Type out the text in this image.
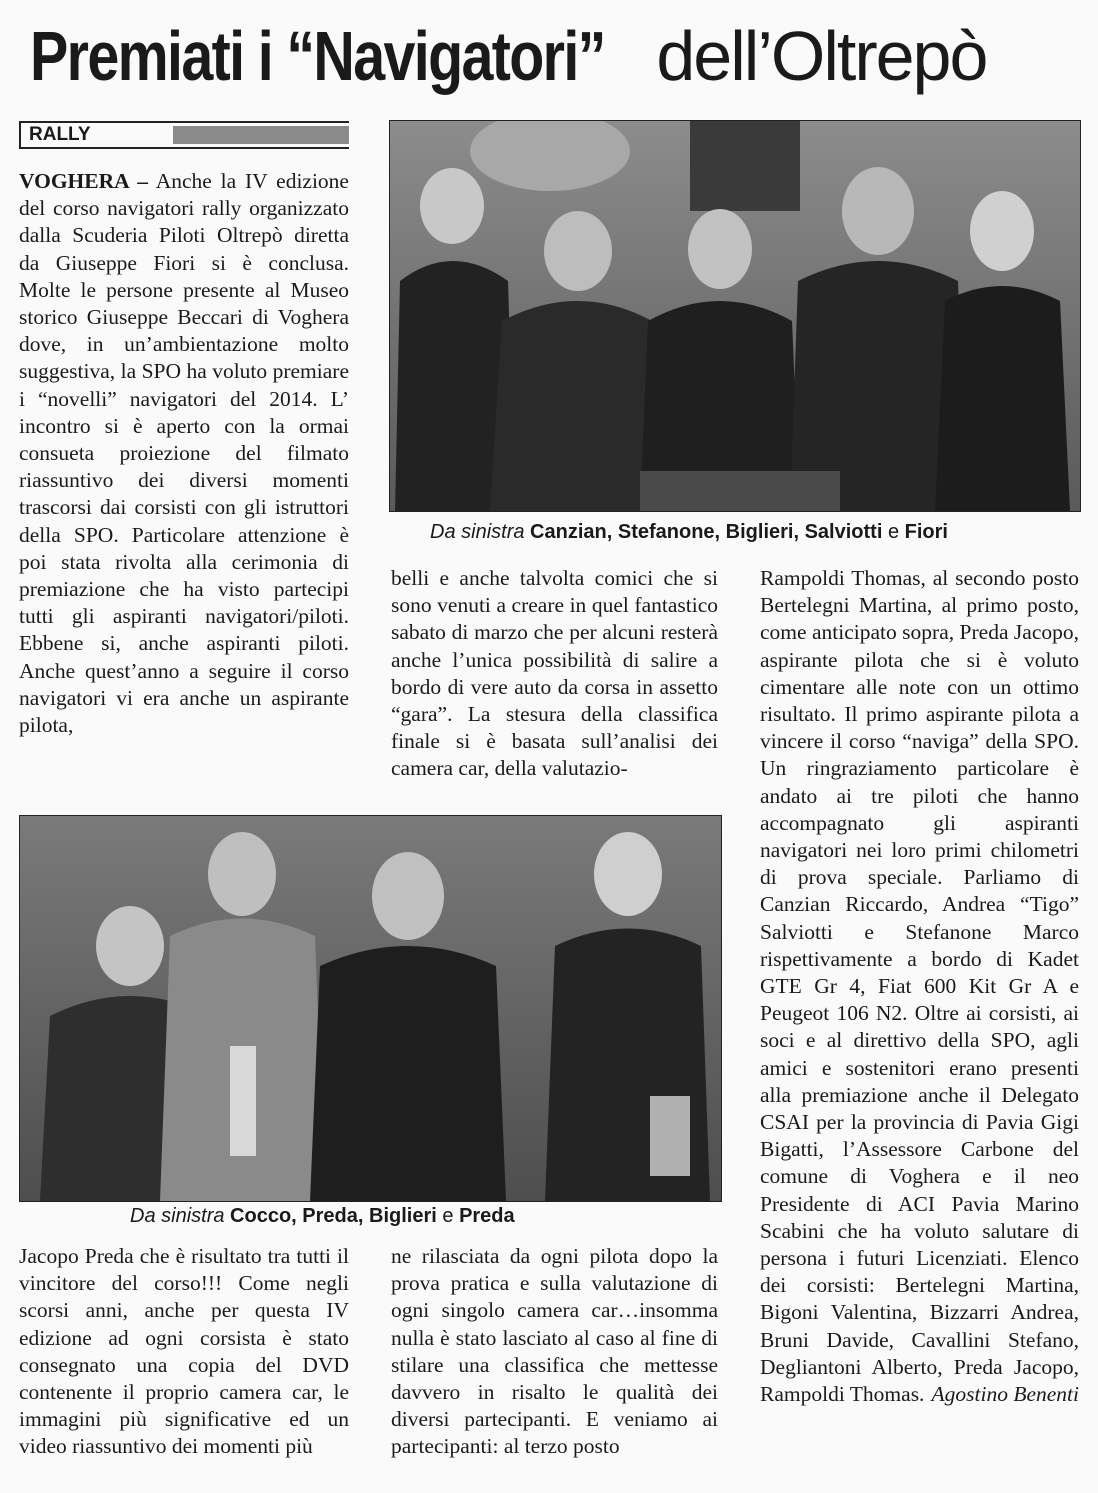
Premiati i “Navigatori” dell’Oltrepò
RALLY

VOGHERA – Anche la IV edizione del corso navigatori rally organizzato dalla Scuderia Piloti Oltrepò diretta da Giuseppe Fiori si è conclusa. Molte le persone presente al Museo storico Giuseppe Beccari di Voghera dove, in un’ambientazione molto suggestiva, la SPO ha voluto premiare i “novelli” navigatori del 2014. L’ incontro si è aperto con la ormai consueta proiezione del filmato riassuntivo dei diversi momenti trascorsi dai corsisti con gli istruttori della SPO. Particolare attenzione è poi stata rivolta alla cerimonia di premiazione che ha visto partecipi tutti gli aspiranti navigatori/piloti. Ebbene si, anche aspiranti piloti. Anche quest’anno a seguire il corso navigatori vi era anche un aspirante pilota,

Da sinistra Canzian, Stefanone, Biglieri, Salviotti e Fiori

belli e anche talvolta comici che si sono venuti a creare in quel fantastico sabato di marzo che per alcuni resterà anche l’unica possibilità di salire a bordo di vere auto da corsa in assetto “gara”. La stesura della classifica finale si è basata sull’analisi dei camera car, della valutazio-

Rampoldi Thomas, al secondo posto Bertelegni Martina, al primo posto, come anticipato sopra, Preda Jacopo, aspirante pilota che si è voluto cimentare alle note con un ottimo risultato. Il primo aspirante pilota a vincere il corso “naviga” della SPO. Un ringraziamento particolare è andato ai tre piloti che hanno accompagnato gli aspiranti navigatori nei loro primi chilometri di prova speciale. Parliamo di Canzian Riccardo, Andrea “Tigo” Salviotti e Stefanone Marco rispettivamente a bordo di Kadet GTE Gr 4, Fiat 600 Kit Gr A e Peugeot 106 N2. Oltre ai corsisti, ai soci e al direttivo della SPO, agli amici e sostenitori erano presenti alla premiazione anche il Delegato CSAI per la provincia di Pavia Gigi Bigatti, l’Assessore Carbone del comune di Voghera e il neo Presidente di ACI Pavia Marino Scabini che ha voluto salutare di persona i futuri Licenziati. Elenco dei corsisti: Bertelegni Martina, Bigoni Valentina, Bizzarri Andrea, Bruni Davide, Cavallini Stefano, Degliantoni Alberto, Preda Jacopo, Rampoldi Thomas. Agostino Benenti

Da sinistra Cocco, Preda, Biglieri e Preda

Jacopo Preda che è risultato tra tutti il vincitore del corso!!! Come negli scorsi anni, anche per questa IV edizione ad ogni corsista è stato consegnato una copia del DVD contenente il proprio camera car, le immagini più significative ed un video riassuntivo dei momenti più

ne rilasciata da ogni pilota dopo la prova pratica e sulla valutazione di ogni singolo camera car…insomma nulla è stato lasciato al caso al fine di stilare una classifica che mettesse davvero in risalto le qualità dei diversi partecipanti. E veniamo ai partecipanti: al terzo posto
